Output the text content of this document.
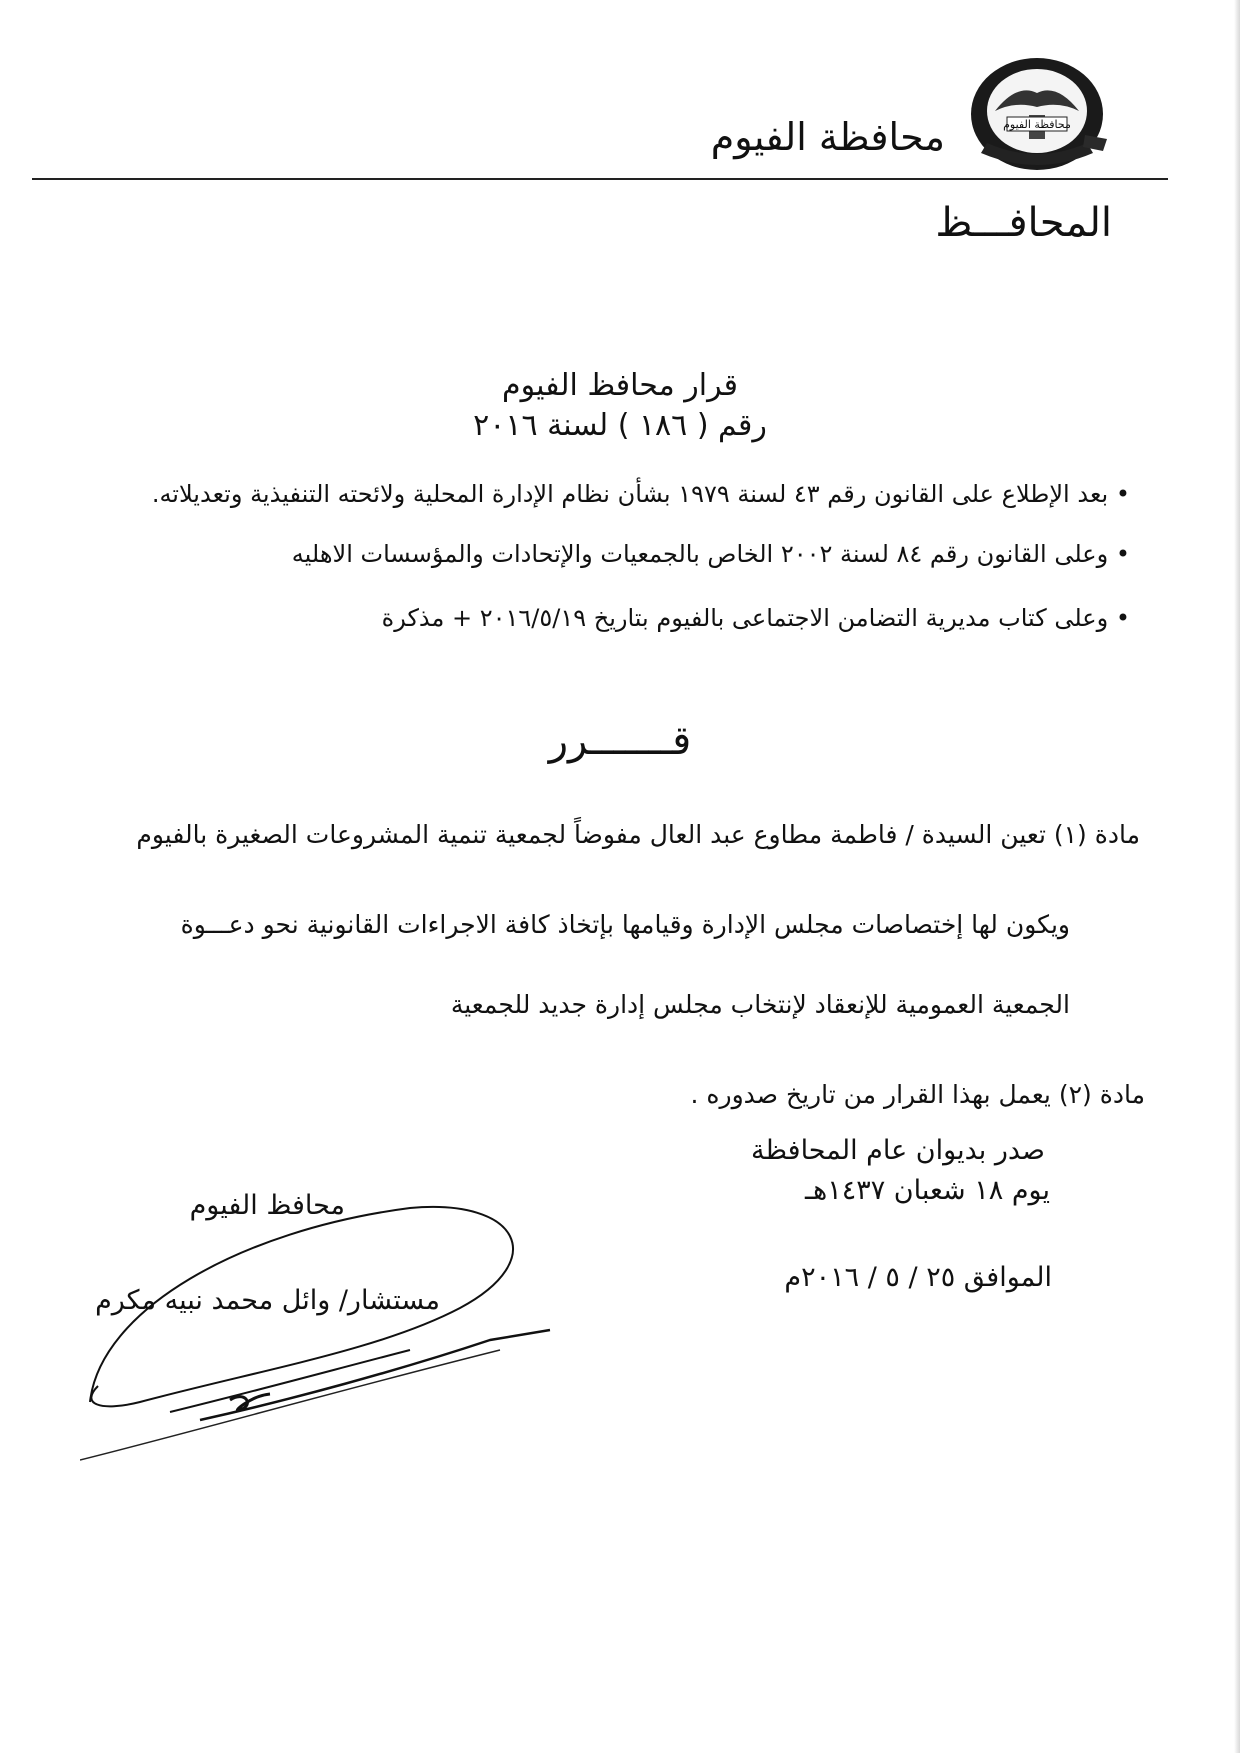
محافظة الفيوم
محافظة الفيوم
المحافـــظ
قرار محافظ الفيوم
رقم ( ١٨٦ ) لسنة ٢٠١٦
• بعد الإطلاع على القانون رقم ٤٣ لسنة ١٩٧٩ بشأن نظام الإدارة المحلية ولائحته التنفيذية وتعديلاته.
• وعلى القانون رقم ٨٤ لسنة ٢٠٠٢ الخاص بالجمعيات والإتحادات والمؤسسات الاهليه
• وعلى كتاب مديرية التضامن الاجتماعى بالفيوم بتاريخ ٢٠١٦/٥/١٩ + مذكرة
قـــــــرر
مادة (١) تعين السيدة / فاطمة مطاوع عبد العال مفوضاً لجمعية تنمية المشروعات الصغيرة بالفيوم
ويكون لها إختصاصات مجلس الإدارة وقيامها بإتخاذ كافة الاجراءات القانونية نحو دعـــوة
الجمعية العمومية للإنعقاد لإنتخاب مجلس إدارة جديد للجمعية
مادة (٢) يعمل بهذا القرار من تاريخ صدوره .
صدر بديوان عام المحافظة
يوم ١٨ شعبان ١٤٣٧هـ
الموافق ٢٥ / ٥ / ٢٠١٦م
محافظ الفيوم
مستشار/ وائل محمد نبيه مكرم
